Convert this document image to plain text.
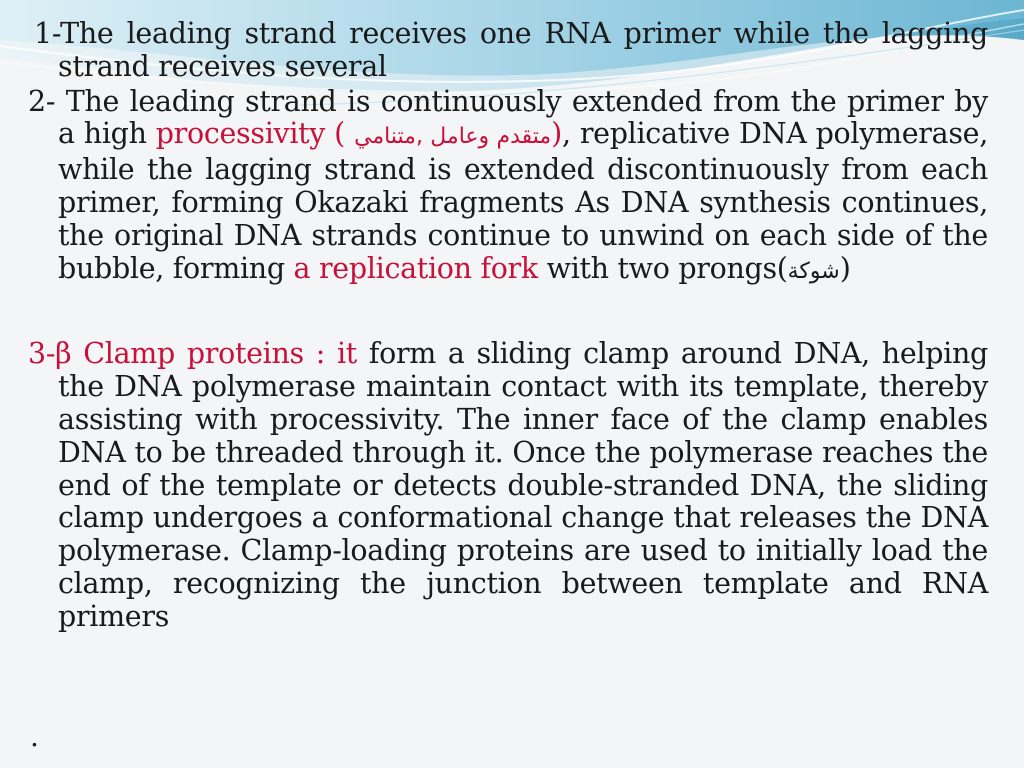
1-The leading strand receives one RNA primer while the lagging strand receives several
2- The leading strand is continuously extended from the primer by a high processivity ( متقدم وعامل ,متنامي), replicative DNA polymerase, while the lagging strand is extended discontinuously from each primer, forming Okazaki fragments As DNA synthesis continues, the original DNA strands continue to unwind on each side of the bubble, forming a replication fork with two prongs(شوكة)
3-β Clamp proteins : it form a sliding clamp around DNA, helping the DNA polymerase maintain contact with its template, thereby assisting with processivity. The inner face of the clamp enables DNA to be threaded through it. Once the polymerase reaches the end of the template or detects double-stranded DNA, the sliding clamp undergoes a conformational change that releases the DNA polymerase. Clamp-loading proteins are used to initially load the clamp, recognizing the junction between template and RNA primers
.
